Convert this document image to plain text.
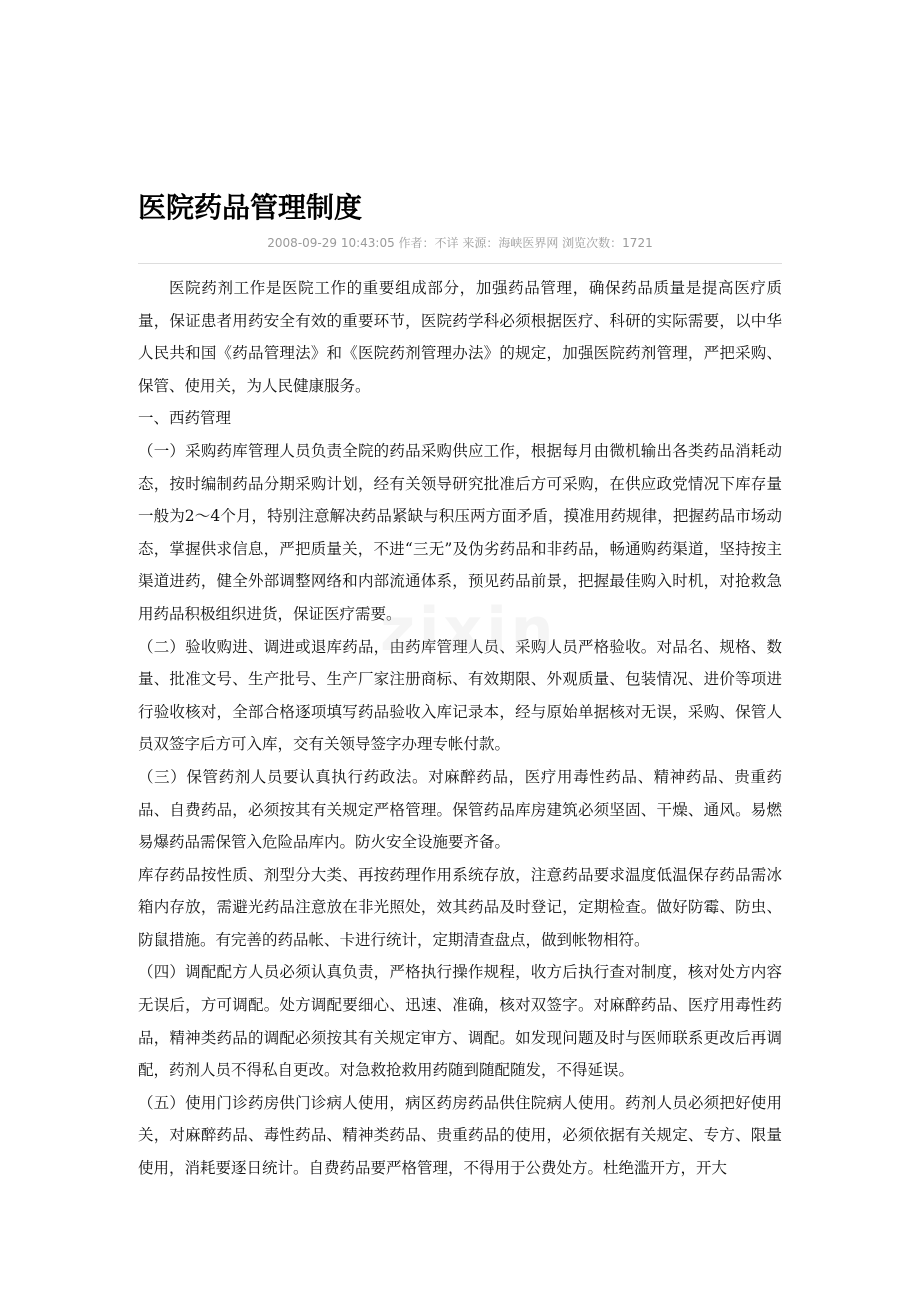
医院药品管理制度
2008-09-29 10:43:05 作者：不详 来源：海峡医界网 浏览次数：1721

医院药剂工作是医院工作的重要组成部分，加强药品管理，确保药品质量是提高医疗质量，保证患者用药安全有效的重要环节，医院药学科必须根据医疗、科研的实际需要，以中华人民共和国《药品管理法》和《医院药剂管理办法》的规定，加强医院药剂管理，严把采购、保管、使用关，为人民健康服务。

一、西药管理

（一）采购药库管理人员负责全院的药品采购供应工作，根据每月由微机输出各类药品消耗动态，按时编制药品分期采购计划，经有关领导研究批准后方可采购，在供应政党情况下库存量一般为2～4个月，特别注意解决药品紧缺与积压两方面矛盾，摸准用药规律，把握药品市场动态，掌握供求信息，严把质量关，不进“三无”及伪劣药品和非药品，畅通购药渠道，坚持按主渠道进药，健全外部调整网络和内部流通体系，预见药品前景，把握最佳购入时机，对抢救急用药品积极组织进货，保证医疗需要。

（二）验收购进、调进或退库药品，由药库管理人员、采购人员严格验收。对品名、规格、数量、批准文号、生产批号、生产厂家注册商标、有效期限、外观质量、包装情况、进价等项进行验收核对，全部合格逐项填写药品验收入库记录本，经与原始单据核对无误，采购、保管人员双签字后方可入库，交有关领导签字办理专帐付款。

（三）保管药剂人员要认真执行药政法。对麻醉药品，医疗用毒性药品、精神药品、贵重药品、自费药品，必须按其有关规定严格管理。保管药品库房建筑必须坚固、干燥、通风。易燃易爆药品需保管入危险品库内。防火安全设施要齐备。

库存药品按性质、剂型分大类、再按药理作用系统存放，注意药品要求温度低温保存药品需冰箱内存放，需避光药品注意放在非光照处，效其药品及时登记，定期检查。做好防霉、防虫、防鼠措施。有完善的药品帐、卡进行统计，定期清查盘点，做到帐物相符。

（四）调配配方人员必须认真负责，严格执行操作规程，收方后执行查对制度，核对处方内容无误后，方可调配。处方调配要细心、迅速、准确，核对双签字。对麻醉药品、医疗用毒性药品，精神类药品的调配必须按其有关规定审方、调配。如发现问题及时与医师联系更改后再调配，药剂人员不得私自更改。对急救抢救用药随到随配随发，不得延误。

（五）使用门诊药房供门诊病人使用，病区药房药品供住院病人使用。药剂人员必须把好使用关，对麻醉药品、毒性药品、精神类药品、贵重药品的使用，必须依据有关规定、专方、限量使用，消耗要逐日统计。自费药品要严格管理，不得用于公费处方。杜绝滥开方，开大

zixin
